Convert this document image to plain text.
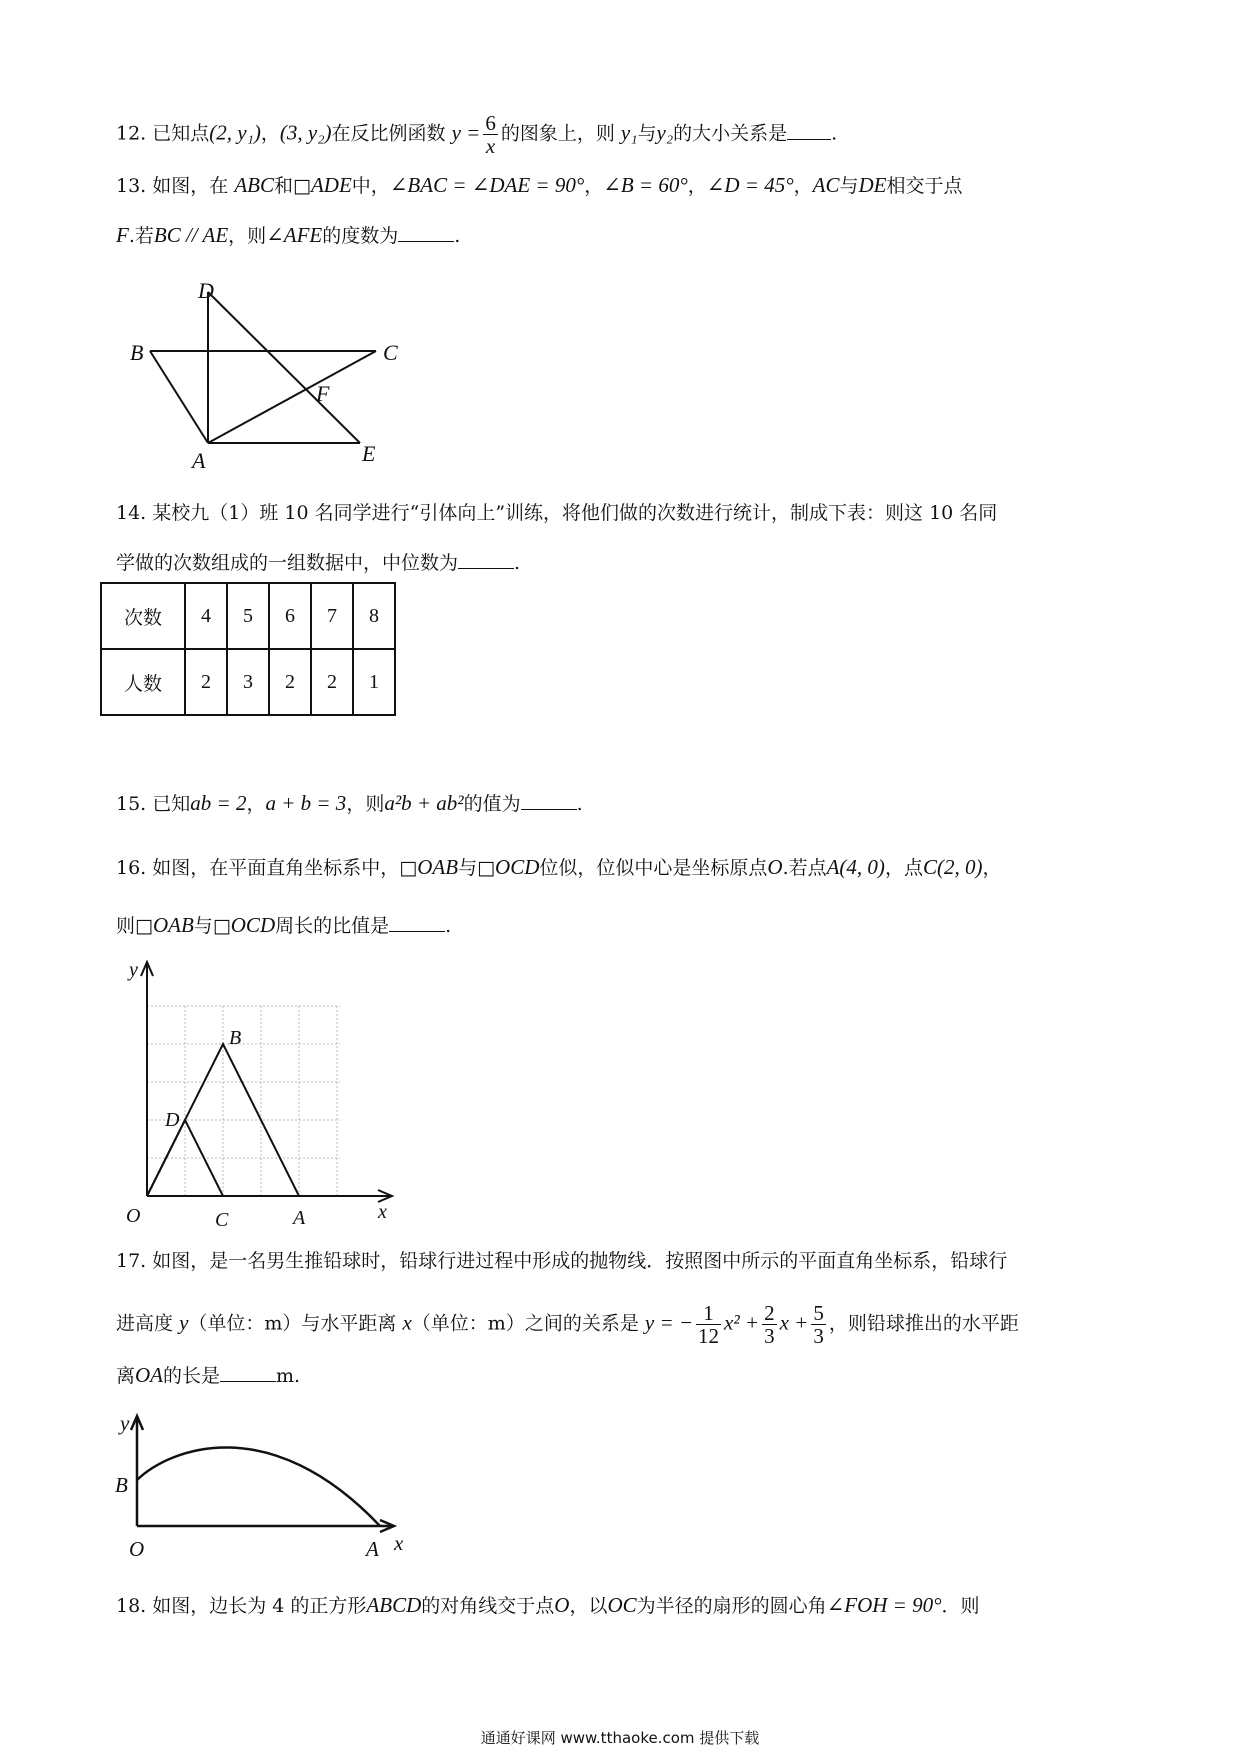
12. 已知点(2, y₁)，(3, y₂)在反比例函数 $y = \frac{6}{x}$ 的图象上，则 y₁与y₂的大小关系是 .
13. 如图，在 ABC和□ADE中，∠BAC = ∠DAE = 90°，∠B = 60°，∠D = 45°，AC与DE相交于点
F.若BC // AE，则∠AFE的度数为	.
D
B	C
F
A	E
14. 某校九（1）班 10 名同学进行“引体向上”训练，将他们做的次数进行统计，制成下表：则这 10 名同
学做的次数组成的一组数据中，中位数为	.
次数	4	5	6	7	8
人数	2	3	2	2	1
15. 已知ab = 2，a + b = 3，则a²b + ab²的值为	.
16. 如图，在平面直角坐标系中，□OAB与□OCD位似，位似中心是坐标原点O.若点A(4, 0)，点C(2, 0)，
则□OAB与□OCD周长的比值是	.
y
x
O
B
D
C	A
17. 如图，是一名男生推铅球时，铅球行进过程中形成的抛物线．按照图中所示的平面直角坐标系，铅球行
进高度 y（单位：m）与水平距离 x（单位：m）之间的关系是 y = − $\frac{1}{12} x^2 + \frac{2}{3}$ $x + \frac{5}{3}$ ，则铅球推出的水平距
离OA的长是	m.
y
x
B
O	A
18. 如图，边长为 4 的正方形ABCD的对角线交于点O，以OC为半径的扇形的圆心角∠FOH = 90°．则
通通好课网 www.tthaoke.com 提供下载
